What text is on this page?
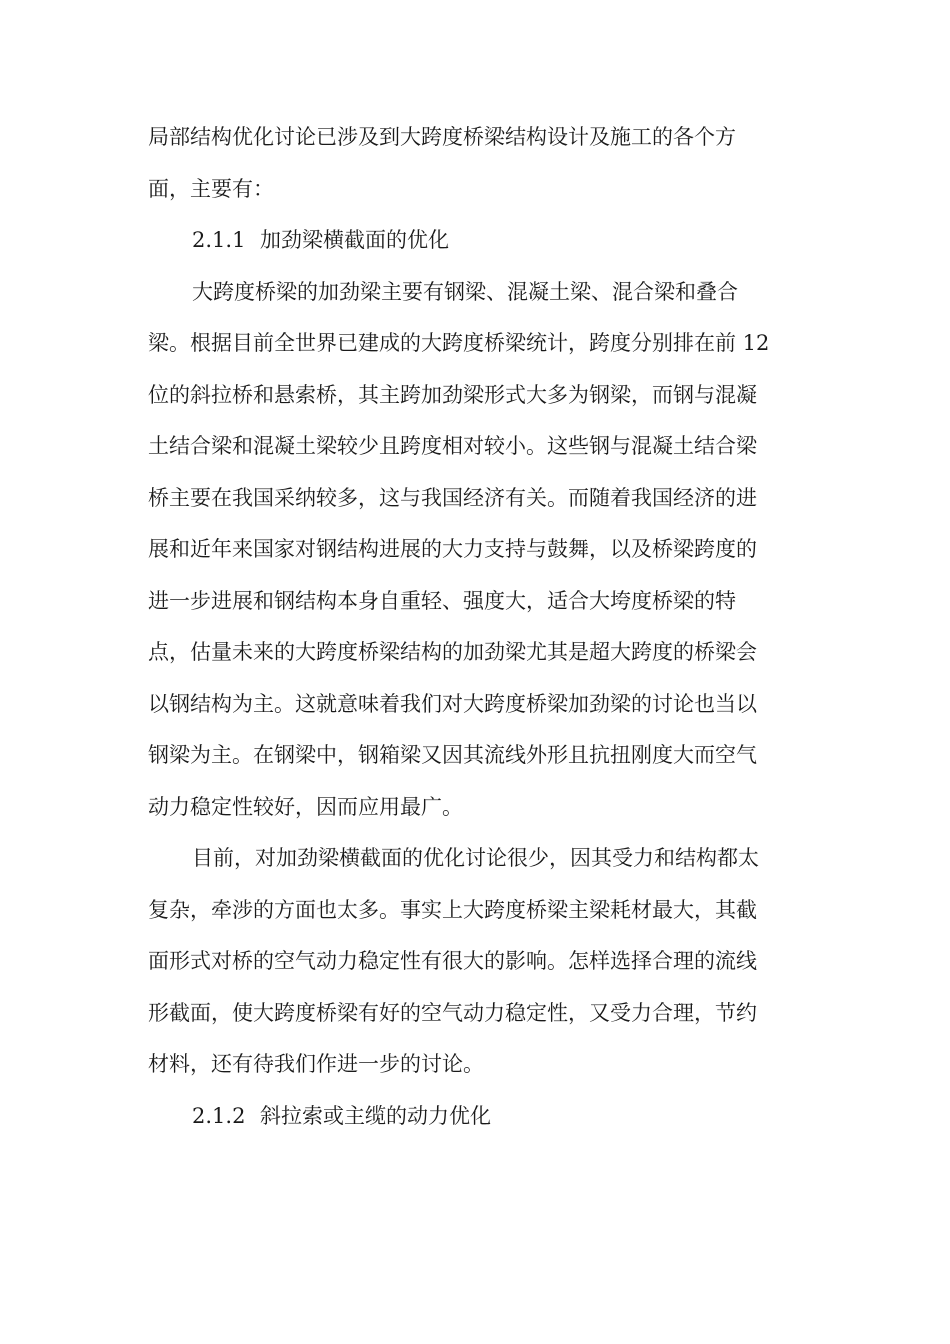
局部结构优化讨论已涉及到大跨度桥梁结构设计及施工的各个方
面，主要有：
2.1.1 加劲梁横截面的优化
大跨度桥梁的加劲梁主要有钢梁、混凝土梁、混合梁和叠合
梁。根据目前全世界已建成的大跨度桥梁统计，跨度分别排在前 12
位的斜拉桥和悬索桥，其主跨加劲梁形式大多为钢梁，而钢与混凝
土结合梁和混凝土梁较少且跨度相对较小。这些钢与混凝土结合梁
桥主要在我国采纳较多，这与我国经济有关。而随着我国经济的进
展和近年来国家对钢结构进展的大力支持与鼓舞，以及桥梁跨度的
进一步进展和钢结构本身自重轻、强度大，适合大垮度桥梁的特
点，估量未来的大跨度桥梁结构的加劲梁尤其是超大跨度的桥梁会
以钢结构为主。这就意味着我们对大跨度桥梁加劲梁的讨论也当以
钢梁为主。在钢梁中，钢箱梁又因其流线外形且抗扭刚度大而空气
动力稳定性较好，因而应用最广。
目前，对加劲梁横截面的优化讨论很少，因其受力和结构都太
复杂，牵涉的方面也太多。事实上大跨度桥梁主梁耗材最大，其截
面形式对桥的空气动力稳定性有很大的影响。怎样选择合理的流线
形截面，使大跨度桥梁有好的空气动力稳定性，又受力合理，节约
材料，还有待我们作进一步的讨论。
2.1.2 斜拉索或主缆的动力优化
